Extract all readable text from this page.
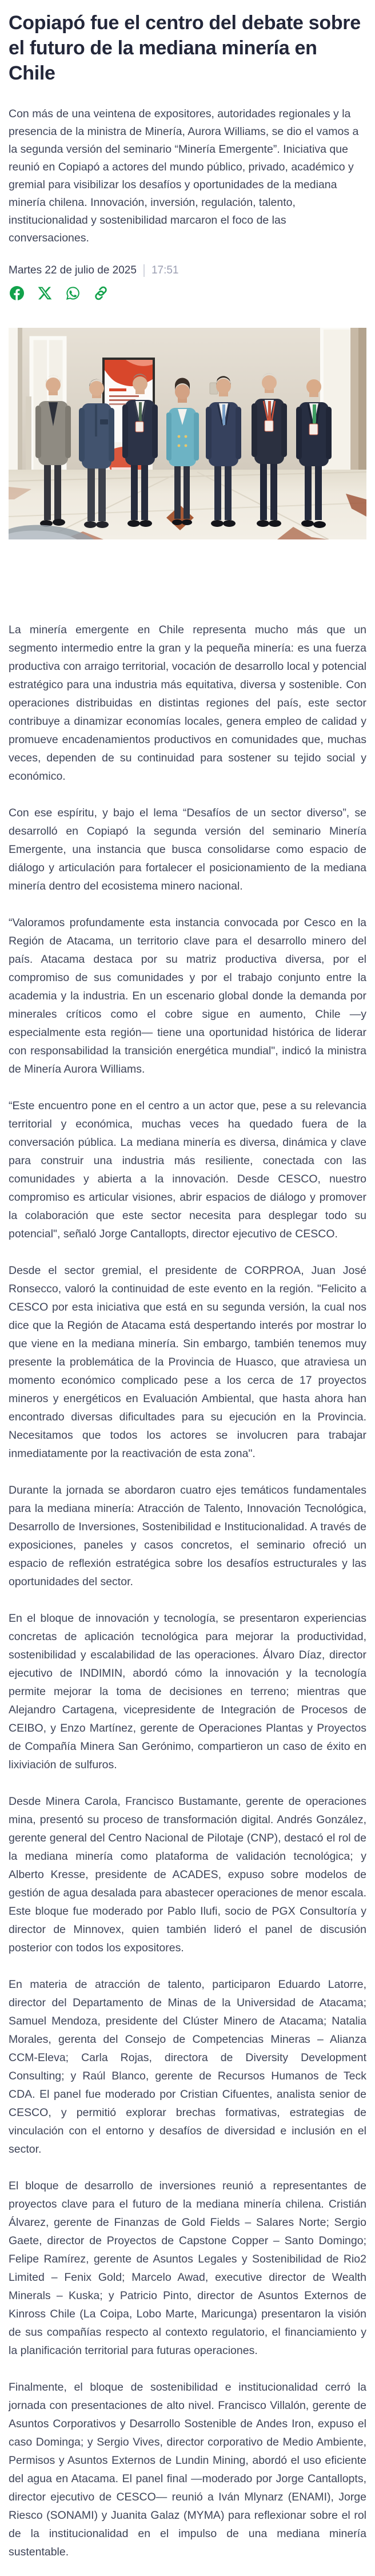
Copiapó fue el centro del debate sobre el futuro de la mediana minería en Chile

Con más de una veintena de expositores, autoridades regionales y la presencia de la ministra de Minería, Aurora Williams, se dio el vamos a la segunda versión del seminario “Minería Emergente”. Iniciativa que reunió en Copiapó a actores del mundo público, privado, académico y gremial para visibilizar los desafíos y oportunidades de la mediana minería chilena. Innovación, inversión, regulación, talento, institucionalidad y sostenibilidad marcaron el foco de las conversaciones.

Martes 22 de julio de 2025 17:51

La minería emergente en Chile representa mucho más que un segmento intermedio entre la gran y la pequeña minería: es una fuerza productiva con arraigo territorial, vocación de desarrollo local y potencial estratégico para una industria más equitativa, diversa y sostenible. Con operaciones distribuidas en distintas regiones del país, este sector contribuye a dinamizar economías locales, genera empleo de calidad y promueve encadenamientos productivos en comunidades que, muchas veces, dependen de su continuidad para sostener su tejido social y económico.

Con ese espíritu, y bajo el lema “Desafíos de un sector diverso”, se desarrolló en Copiapó la segunda versión del seminario Minería Emergente, una instancia que busca consolidarse como espacio de diálogo y articulación para fortalecer el posicionamiento de la mediana minería dentro del ecosistema minero nacional.

“Valoramos profundamente esta instancia convocada por Cesco en la Región de Atacama, un territorio clave para el desarrollo minero del país. Atacama destaca por su matriz productiva diversa, por el compromiso de sus comunidades y por el trabajo conjunto entre la academia y la industria. En un escenario global donde la demanda por minerales críticos como el cobre sigue en aumento, Chile —y especialmente esta región— tiene una oportunidad histórica de liderar con responsabilidad la transición energética mundial", indicó la ministra de Minería Aurora Williams.

“Este encuentro pone en el centro a un actor que, pese a su relevancia territorial y económica, muchas veces ha quedado fuera de la conversación pública. La mediana minería es diversa, dinámica y clave para construir una industria más resiliente, conectada con las comunidades y abierta a la innovación. Desde CESCO, nuestro compromiso es articular visiones, abrir espacios de diálogo y promover la colaboración que este sector necesita para desplegar todo su potencial", señaló Jorge Cantallopts, director ejecutivo de CESCO.

Desde el sector gremial, el presidente de CORPROA, Juan José Ronsecco, valoró la continuidad de este evento en la región. "Felicito a CESCO por esta iniciativa que está en su segunda versión, la cual nos dice que la Región de Atacama está despertando interés por mostrar lo que viene en la mediana minería. Sin embargo, también tenemos muy presente la problemática de la Provincia de Huasco, que atraviesa un momento económico complicado pese a los cerca de 17 proyectos mineros y energéticos en Evaluación Ambiental, que hasta ahora han encontrado diversas dificultades para su ejecución en la Provincia. Necesitamos que todos los actores se involucren para trabajar inmediatamente por la reactivación de esta zona".

Durante la jornada se abordaron cuatro ejes temáticos fundamentales para la mediana minería: Atracción de Talento, Innovación Tecnológica, Desarrollo de Inversiones, Sostenibilidad e Institucionalidad. A través de exposiciones, paneles y casos concretos, el seminario ofreció un espacio de reflexión estratégica sobre los desafíos estructurales y las oportunidades del sector.

En el bloque de innovación y tecnología, se presentaron experiencias concretas de aplicación tecnológica para mejorar la productividad, sostenibilidad y escalabilidad de las operaciones. Álvaro Díaz, director ejecutivo de INDIMIN, abordó cómo la innovación y la tecnología permite mejorar la toma de decisiones en terreno; mientras que Alejandro Cartagena, vicepresidente de Integración de Procesos de CEIBO, y Enzo Martínez, gerente de Operaciones Plantas y Proyectos de Compañía Minera San Gerónimo, compartieron un caso de éxito en lixiviación de sulfuros.

Desde Minera Carola, Francisco Bustamante, gerente de operaciones mina, presentó su proceso de transformación digital. Andrés González, gerente general del Centro Nacional de Pilotaje (CNP), destacó el rol de la mediana minería como plataforma de validación tecnológica; y Alberto Kresse, presidente de ACADES, expuso sobre modelos de gestión de agua desalada para abastecer operaciones de menor escala. Este bloque fue moderado por Pablo Ilufi, socio de PGX Consultoría y director de Minnovex, quien también lideró el panel de discusión posterior con todos los expositores.

En materia de atracción de talento, participaron Eduardo Latorre, director del Departamento de Minas de la Universidad de Atacama; Samuel Mendoza, presidente del Clúster Minero de Atacama; Natalia Morales, gerenta del Consejo de Competencias Mineras – Alianza CCM-Eleva; Carla Rojas, directora de Diversity Development Consulting; y Raúl Blanco, gerente de Recursos Humanos de Teck CDA. El panel fue moderado por Cristian Cifuentes, analista senior de CESCO, y permitió explorar brechas formativas, estrategias de vinculación con el entorno y desafíos de diversidad e inclusión en el sector.

El bloque de desarrollo de inversiones reunió a representantes de proyectos clave para el futuro de la mediana minería chilena. Cristián Álvarez, gerente de Finanzas de Gold Fields – Salares Norte; Sergio Gaete, director de Proyectos de Capstone Copper – Santo Domingo; Felipe Ramírez, gerente de Asuntos Legales y Sostenibilidad de Rio2 Limited – Fenix Gold; Marcelo Awad, executive director de Wealth Minerals – Kuska; y Patricio Pinto, director de Asuntos Externos de Kinross Chile (La Coipa, Lobo Marte, Maricunga) presentaron la visión de sus compañías respecto al contexto regulatorio, el financiamiento y la planificación territorial para futuras operaciones.

Finalmente, el bloque de sostenibilidad e institucionalidad cerró la jornada con presentaciones de alto nivel. Francisco Villalón, gerente de Asuntos Corporativos y Desarrollo Sostenible de Andes Iron, expuso el caso Dominga; y Sergio Vives, director corporativo de Medio Ambiente, Permisos y Asuntos Externos de Lundin Mining, abordó el uso eficiente del agua en Atacama. El panel final —moderado por Jorge Cantallopts, director ejecutivo de CESCO— reunió a Iván Mlynarz (ENAMI), Jorge Riesco (SONAMI) y Juanita Galaz (MYMA) para reflexionar sobre el rol de la institucionalidad en el impulso de una mediana minería sustentable.
